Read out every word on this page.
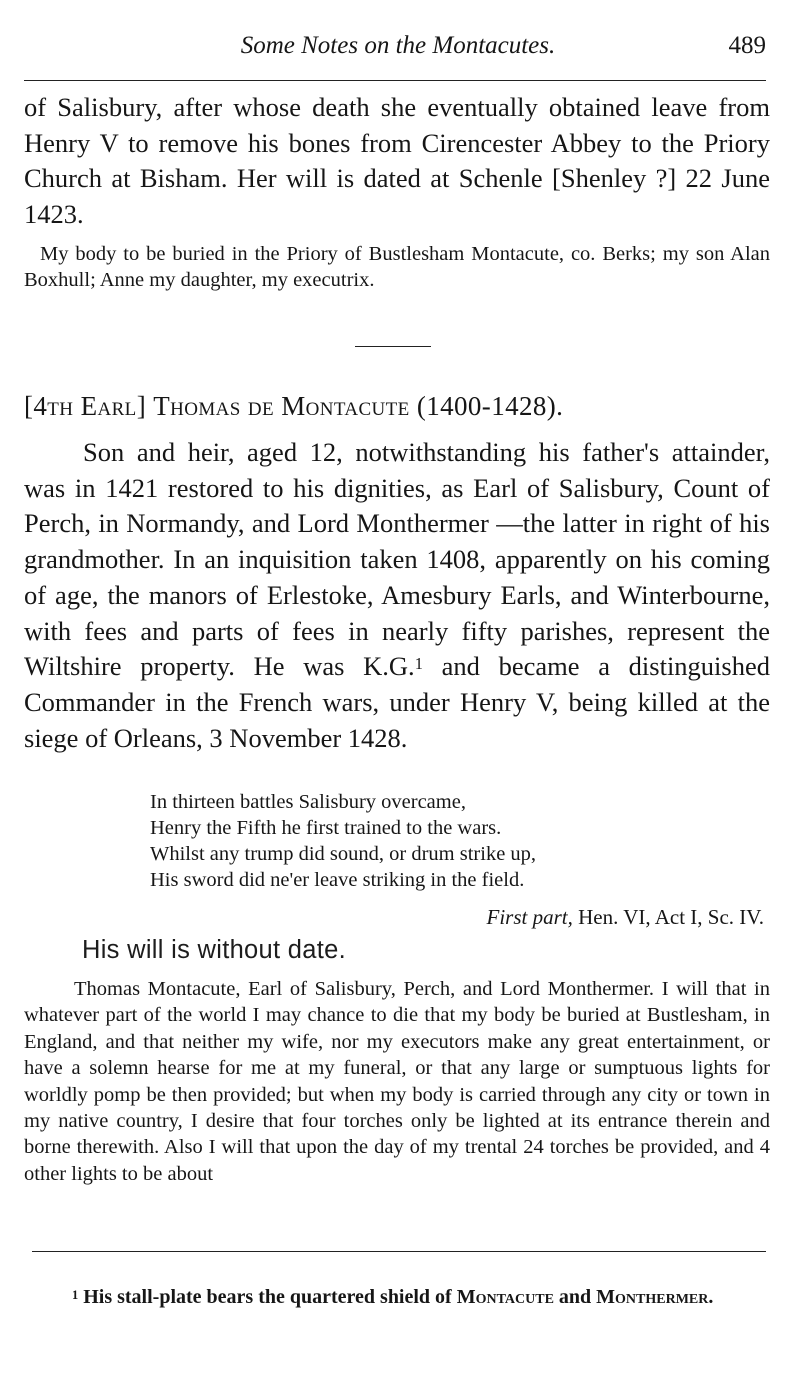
Some Notes on the Montacutes.	489

of Salisbury, after whose death she eventually obtained leave from Henry V to remove his bones from Cirencester Abbey to the Priory Church at Bisham. Her will is dated at Schenle [Shenley ?] 22 June 1423.

My body to be buried in the Priory of Bustlesham Montacute, co. Berks; my son Alan Boxhull; Anne my daughter, my executrix.

[4th Earl] Thomas de Montacute (1400-1428).

Son and heir, aged 12, notwithstanding his father's attainder, was in 1421 restored to his dignities, as Earl of Salisbury, Count of Perch, in Normandy, and Lord Monthermer —the latter in right of his grandmother. In an inquisition taken 1408, apparently on his coming of age, the manors of Erlestoke, Amesbury Earls, and Winterbourne, with fees and parts of fees in nearly fifty parishes, represent the Wiltshire property. He was K.G.$^1$ and became a distinguished Commander in the French wars, under Henry V, being killed at the siege of Orleans, 3 November 1428.

In thirteen battles Salisbury overcame,
Henry the Fifth he first trained to the wars.
Whilst any trump did sound, or drum strike up,
His sword did ne'er leave striking in the field.
First part, Hen. VI, Act I, Sc. IV.
His will is without date.

Thomas Montacute, Earl of Salisbury, Perch, and Lord Monthermer. I will that in whatever part of the world I may chance to die that my body be buried at Bustlesham, in England, and that neither my wife, nor my executors make any great entertainment, or have a solemn hearse for me at my funeral, or that any large or sumptuous lights for worldly pomp be then provided; but when my body is carried through any city or town in my native country, I desire that four torches only be lighted at its entrance therein and borne therewith. Also I will that upon the day of my trental 24 torches be provided, and 4 other lights to be about

$^1$ His stall-plate bears the quartered shield of Montacute and Monthermer.
